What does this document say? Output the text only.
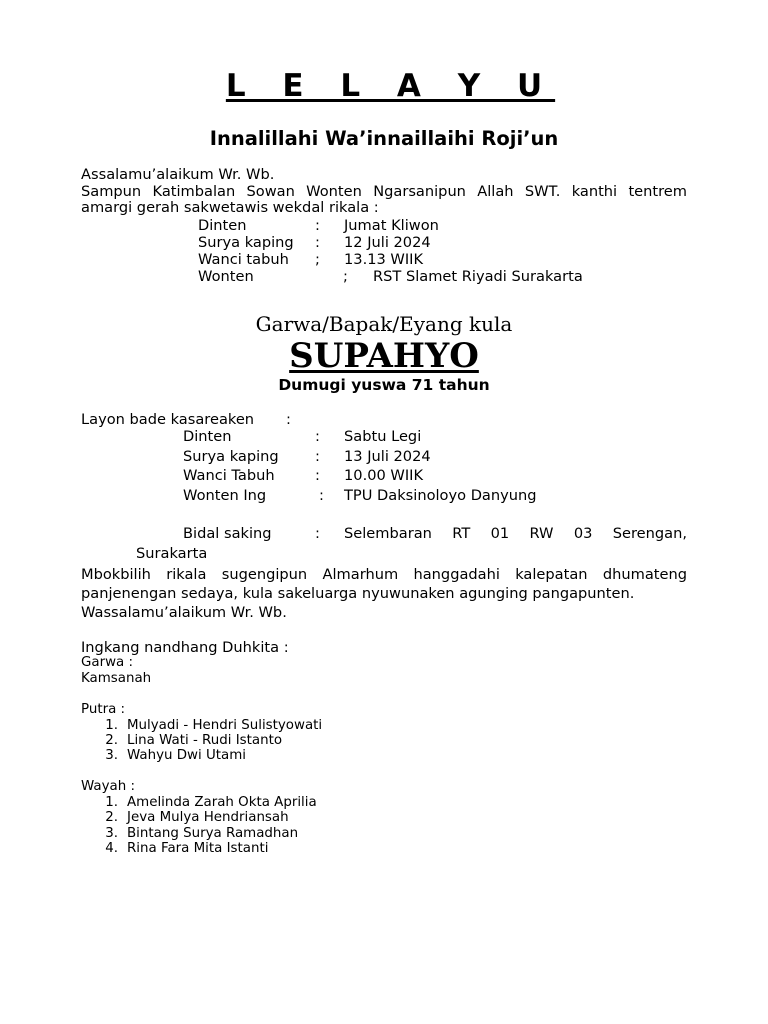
L E L A Y U
Innalillahi Wa’innaillaihi Roji’un
Assalamu’alaikum Wr. Wb.
Sampun Katimbalan Sowan Wonten Ngarsanipun Allah SWT. kanthi tentrem
amargi gerah sakwetawis wekdal rikala :
Dinten	: Jumat Kliwon
Surya kaping : 12 Juli 2024
Wanci tabuh ; 13.13 WIIK
Wonten	; RST Slamet Riyadi Surakarta
Garwa/Bapak/Eyang kula
SUPAHYO
Dumugi yuswa 71 tahun
Layon bade kasareaken :
Dinten	: Sabtu Legi
Surya kaping : 13 Juli 2024
Wanci Tabuh	: 10.00 WIIK
Wonten Ing	: TPU Daksinoloyo Danyung
Bidal saking	: Selembaran RT 01 RW 03 Serengan,
Surakarta
Mbokbilih rikala sugengipun Almarhum hanggadahi kalepatan dhumateng
panjenengan sedaya, kula sakeluarga nyuwunaken agunging pangapunten.
Wassalamu’alaikum Wr. Wb.
Ingkang nandhang Duhkita :
Garwa :
Kamsanah
Putra :
1. Mulyadi - Hendri Sulistyowati
2. Lina Wati - Rudi Istanto
3. Wahyu Dwi Utami
Wayah :
1. Amelinda Zarah Okta Aprilia
2. Jeva Mulya Hendriansah
3. Bintang Surya Ramadhan
4. Rina Fara Mita Istanti
